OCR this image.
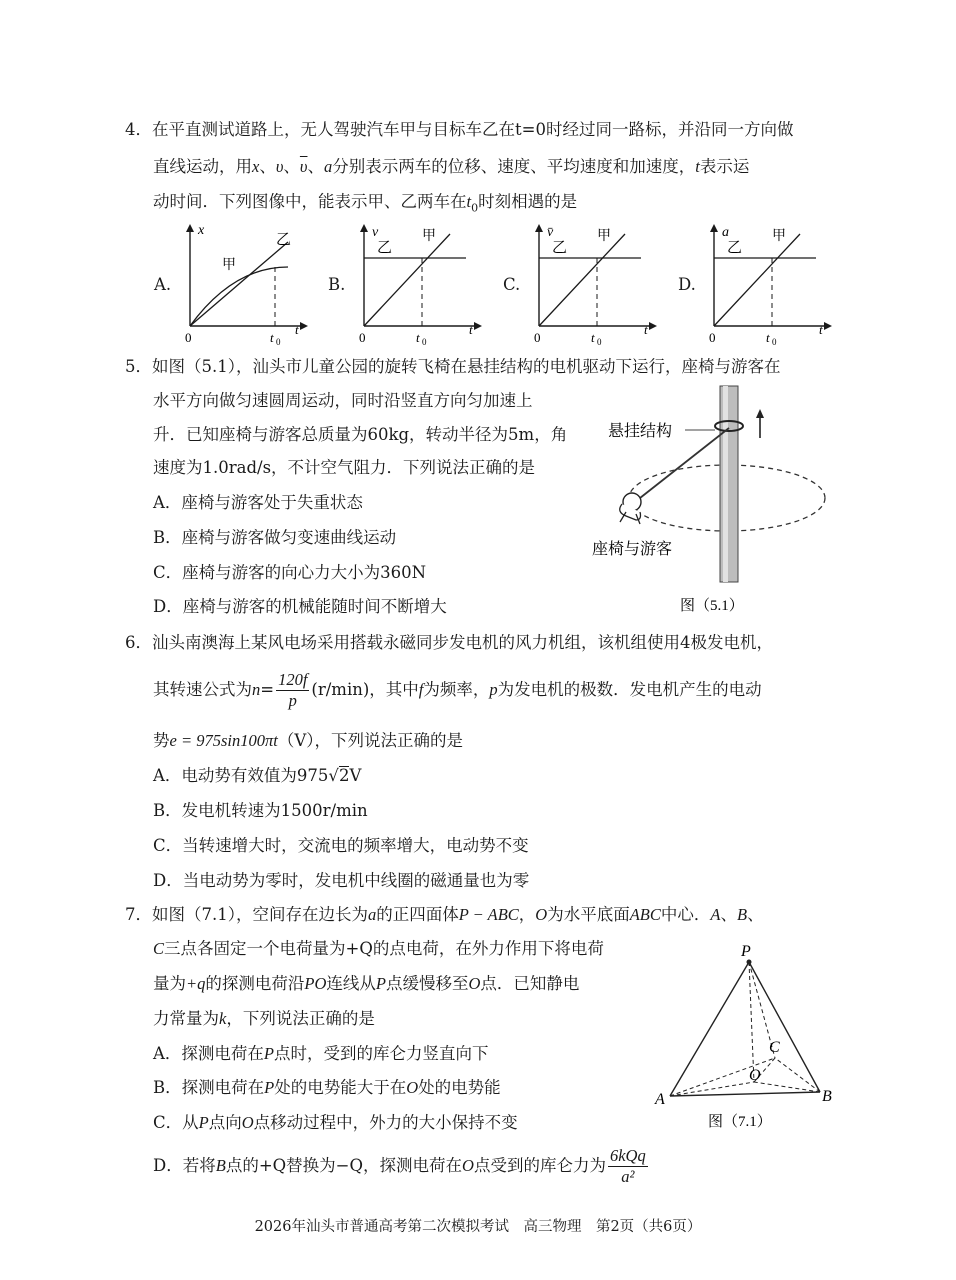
4．在平直测试道路上，无人驾驶汽车甲与目标车乙在t=0时经过同一路标，并沿同一方向做
直线运动，用x、υ、$\overline{\upsilon}$、a分别表示两车的位移、速度、平均速度和加速度，t表示运
动时间．下列图像中，能表示甲、乙两车在$t_0$时刻相遇的是
A.
x
甲
乙
0	t 0
t
B.
v
乙
甲
0	t 0
t
C.
v̄
乙
甲
0	t 0
t
D.
a
乙
甲
0	t 0
t
5．如图（5.1），汕头市儿童公园的旋转飞椅在悬挂结构的电机驱动下运行，座椅与游客在
水平方向做匀速圆周运动，同时沿竖直方向匀加速上
升．已知座椅与游客总质量为60kg，转动半径为5m，角
速度为1.0rad/s，不计空气阻力．下列说法正确的是
A．座椅与游客处于失重状态
B．座椅与游客做匀变速曲线运动
C．座椅与游客的向心力大小为360N
D．座椅与游客的机械能随时间不断增大
悬挂结构
座椅与游客
图（5.1）
6．汕头南澳海上某风电场采用搭载永磁同步发电机的风力机组，该机组使用4极发电机，
其转速公式为$n= \frac{120f}{p} (r/\min)$，其中f为频率，p为发电机的极数．发电机产生的电动
势e = 975sin100πt（V），下列说法正确的是
A．电动势有效值为975√2V
B．发电机转速为1500r/min
C．当转速增大时，交流电的频率增大，电动势不变
D．当电动势为零时，发电机中线圈的磁通量也为零
7．如图（7.1），空间存在边长为a的正四面体P − ABC，O为水平底面ABC中心．A、B、
C三点各固定一个电荷量为+Q的点电荷，在外力作用下将电荷
量为+q的探测电荷沿PO连线从P点缓慢移至O点．已知静电
力常量为k，下列说法正确的是
A．探测电荷在P点时，受到的库仑力竖直向下
B．探测电荷在P处的电势能大于在O处的电势能
C．从P点向O点移动过程中，外力的大小保持不变
D．若将B点的+Q替换为−Q，探测电荷在O点受到的库仑力为 $\frac{\text{6kQq}}{\text{a²}}$
P
C
O
A	B
图（7.1）
2026年汕头市普通高考第二次模拟考试　高三物理　第2页（共6页）
